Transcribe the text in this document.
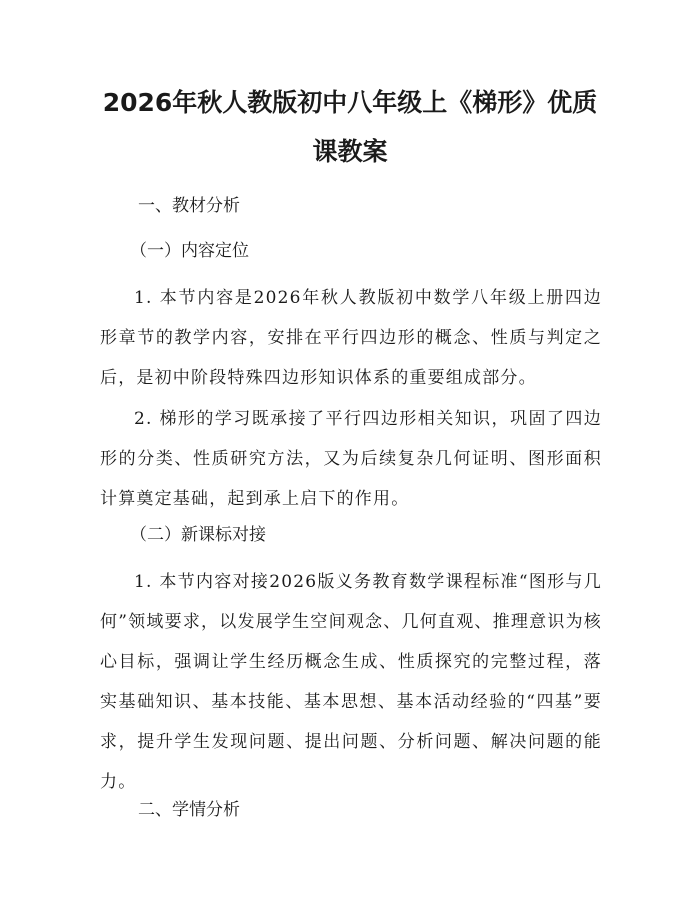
2026年秋人教版初中八年级上《梯形》优质
课教案
一、教材分析
（一）内容定位
1. 本节内容是2026年秋人教版初中数学八年级上册四边形章节的教学内容，安排在平行四边形的概念、性质与判定之后，是初中阶段特殊四边形知识体系的重要组成部分。
2. 梯形的学习既承接了平行四边形相关知识，巩固了四边形的分类、性质研究方法，又为后续复杂几何证明、图形面积计算奠定基础，起到承上启下的作用。
（二）新课标对接
1. 本节内容对接2026版义务教育数学课程标准“图形与几何”领域要求，以发展学生空间观念、几何直观、推理意识为核心目标，强调让学生经历概念生成、性质探究的完整过程，落实基础知识、基本技能、基本思想、基本活动经验的“四基”要求，提升学生发现问题、提出问题、分析问题、解决问题的能力。
二、学情分析
